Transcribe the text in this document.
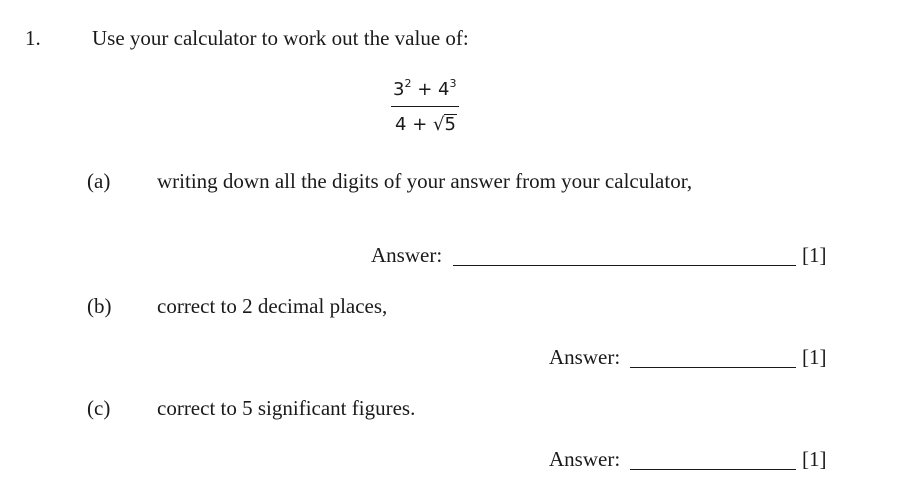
1. Use your calculator to work out the value of:
$3^2 + 4^3$
4 + √5
(a) writing down all the digits of your answer from your calculator,
Answer:	[1]
(b) correct to 2 decimal places,
Answer:	[1]
(c) correct to 5 significant figures.
Answer:	[1]
